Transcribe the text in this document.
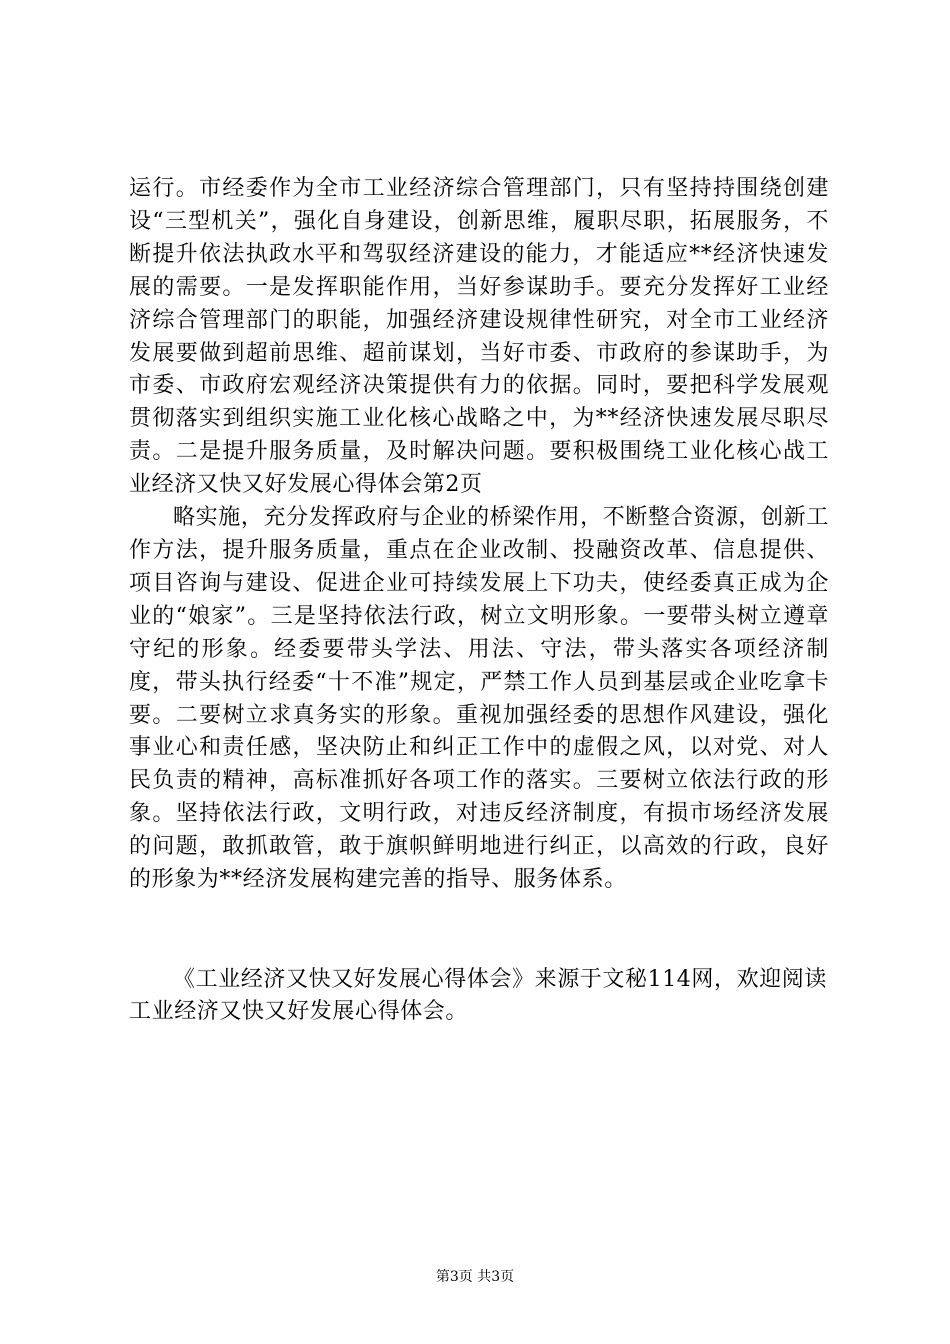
运行。市经委作为全市工业经济综合管理部门，只有坚持持围绕创建设“三型机关”，强化自身建设，创新思维，履职尽职，拓展服务，不断提升依法执政水平和驾驭经济建设的能力，才能适应**经济快速发展的需要。一是发挥职能作用，当好参谋助手。要充分发挥好工业经济综合管理部门的职能，加强经济建设规律性研究，对全市工业经济发展要做到超前思维、超前谋划，当好市委、市政府的参谋助手，为市委、市政府宏观经济决策提供有力的依据。同时，要把科学发展观贯彻落实到组织实施工业化核心战略之中，为**经济快速发展尽职尽责。二是提升服务质量，及时解决问题。要积极围绕工业化核心战工业经济又快又好发展心得体会第2页

略实施，充分发挥政府与企业的桥梁作用，不断整合资源，创新工作方法，提升服务质量，重点在企业改制、投融资改革、信息提供、项目咨询与建设、促进企业可持续发展上下功夫，使经委真正成为企业的“娘家”。三是坚持依法行政，树立文明形象。一要带头树立遵章守纪的形象。经委要带头学法、用法、守法，带头落实各项经济制度，带头执行经委“十不准”规定，严禁工作人员到基层或企业吃拿卡要。二要树立求真务实的形象。重视加强经委的思想作风建设，强化事业心和责任感，坚决防止和纠正工作中的虚假之风，以对党、对人民负责的精神，高标准抓好各项工作的落实。三要树立依法行政的形象。坚持依法行政，文明行政，对违反经济制度，有损市场经济发展的问题，敢抓敢管，敢于旗帜鲜明地进行纠正，以高效的行政，良好的形象为**经济发展构建完善的指导、服务体系。

《工业经济又快又好发展心得体会》来源于文秘114网，欢迎阅读工业经济又快又好发展心得体会。

第3页 共3页
